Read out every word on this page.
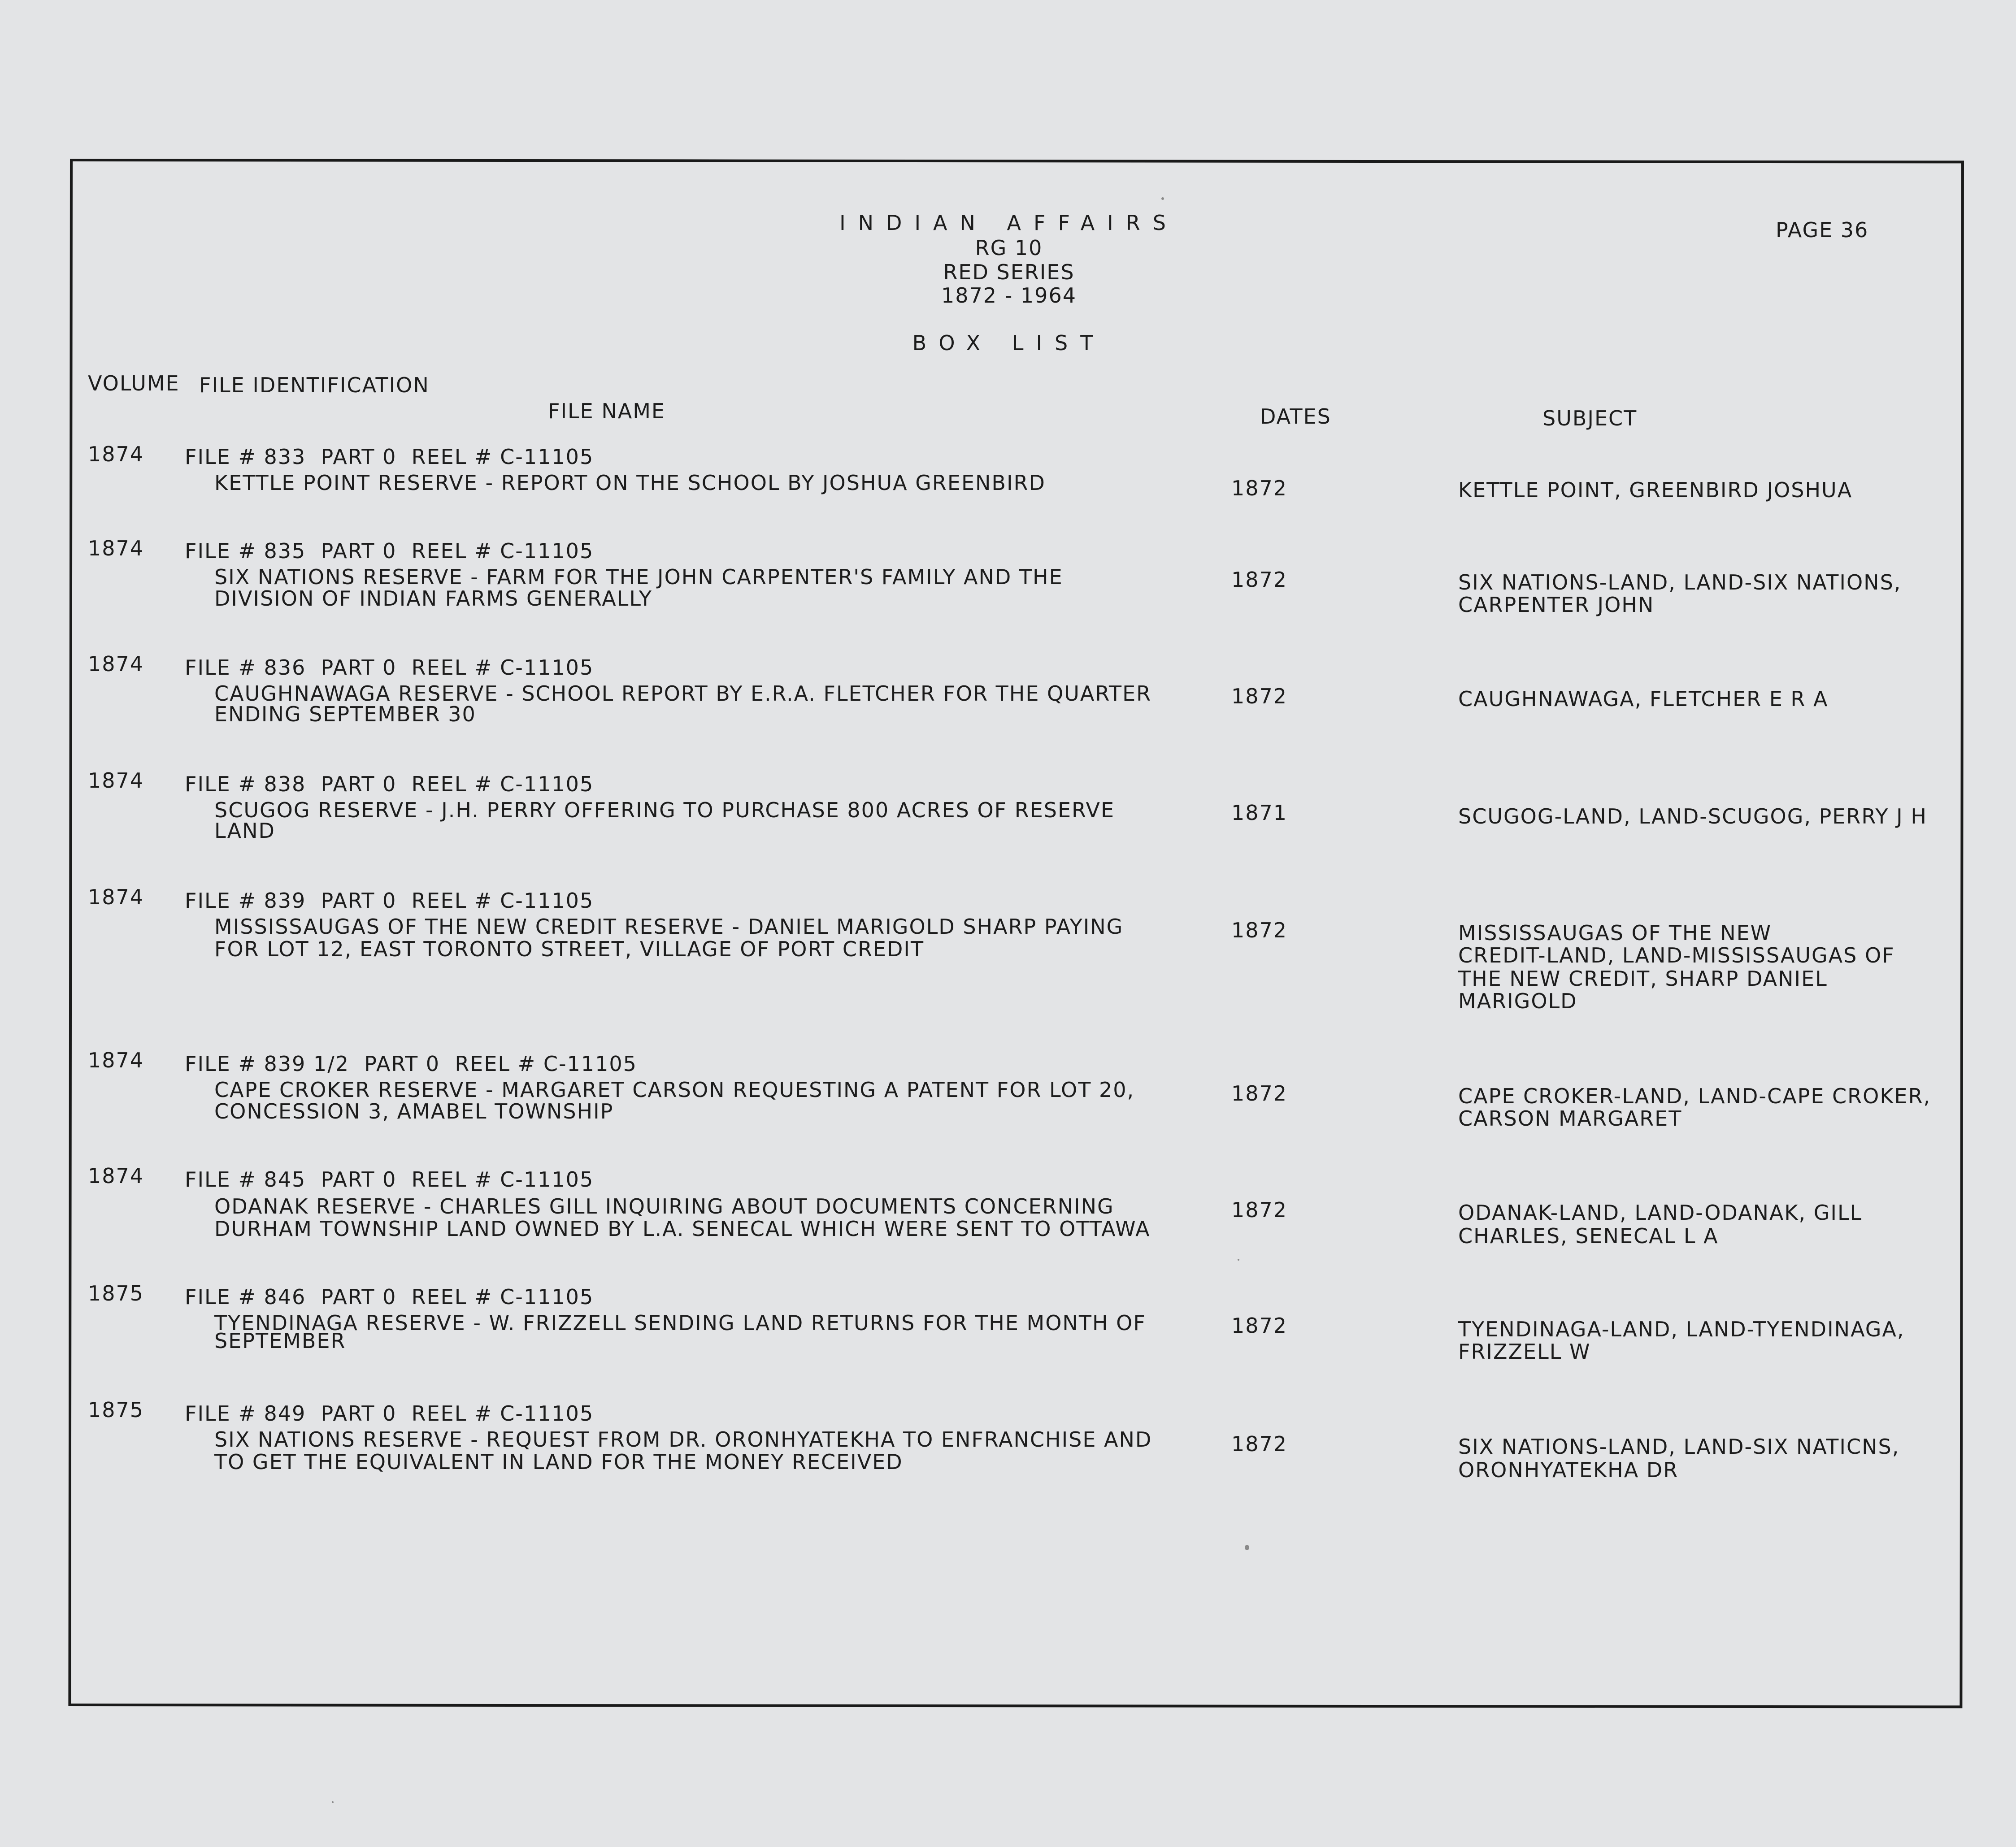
INDIAN AFFAIRS
RG 10
RED SERIES
1872 - 1964
BOX LIST
PAGE 36
VOLUME FILE IDENTIFICATION
FILE NAME	DATES	SUBJECT
1874 FILE # 833  PART 0  REEL # C-11105
KETTLE POINT RESERVE - REPORT ON THE SCHOOL BY JOSHUA GREENBIRD	1872	KETTLE POINT, GREENBIRD JOSHUA
1874 FILE # 835  PART 0  REEL # C-11105
SIX NATIONS RESERVE - FARM FOR THE JOHN CARPENTER'S FAMILY AND THE
DIVISION OF INDIAN FARMS GENERALLY
1872	SIX NATIONS-LAND, LAND-SIX NATIONS,
CARPENTER JOHN
1874 FILE # 836  PART 0  REEL # C-11105
CAUGHNAWAGA RESERVE - SCHOOL REPORT BY E.R.A. FLETCHER FOR THE QUARTER
ENDING SEPTEMBER 30
1872	CAUGHNAWAGA, FLETCHER E R A
1874 FILE # 838  PART 0  REEL # C-11105
SCUGOG RESERVE - J.H. PERRY OFFERING TO PURCHASE 800 ACRES OF RESERVE
LAND
1871	SCUGOG-LAND, LAND-SCUGOG, PERRY J H
1874 FILE # 839  PART 0  REEL # C-11105
MISSISSAUGAS OF THE NEW CREDIT RESERVE - DANIEL MARIGOLD SHARP PAYING
FOR LOT 12, EAST TORONTO STREET, VILLAGE OF PORT CREDIT
1872	MISSISSAUGAS OF THE NEW
CREDIT-LAND, LAND-MISSISSAUGAS OF
THE NEW CREDIT, SHARP DANIEL
MARIGOLD
1874 FILE # 839 1/2  PART 0  REEL # C-11105
CAPE CROKER RESERVE - MARGARET CARSON REQUESTING A PATENT FOR LOT 20,
CONCESSION 3, AMABEL TOWNSHIP
1872	CAPE CROKER-LAND, LAND-CAPE CROKER,
CARSON MARGARET
1874 FILE # 845  PART 0  REEL # C-11105
ODANAK RESERVE - CHARLES GILL INQUIRING ABOUT DOCUMENTS CONCERNING
DURHAM TOWNSHIP LAND OWNED BY L.A. SENECAL WHICH WERE SENT TO OTTAWA
1872	ODANAK-LAND, LAND-ODANAK, GILL
CHARLES, SENECAL L A
1875 FILE # 846  PART 0  REEL # C-11105
TYENDINAGA RESERVE - W. FRIZZELL SENDING LAND RETURNS FOR THE MONTH OF
SEPTEMBER
1872	TYENDINAGA-LAND, LAND-TYENDINAGA,
FRIZZELL W
1875 FILE # 849  PART 0  REEL # C-11105
SIX NATIONS RESERVE - REQUEST FROM DR. ORONHYATEKHA TO ENFRANCHISE AND
TO GET THE EQUIVALENT IN LAND FOR THE MONEY RECEIVED
1872	SIX NATIONS-LAND, LAND-SIX NATICNS,
ORONHYATEKHA DR
